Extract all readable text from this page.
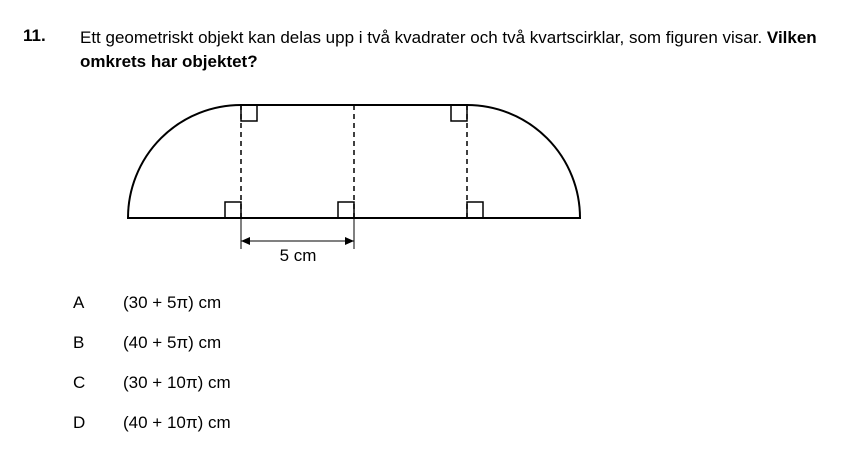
11. Ett geometriskt objekt kan delas upp i två kvadrater och två kvartscirklar, som figuren visar. Vilken omkrets har objektet?
5 cm
A (30 + 5π) cm
B (40 + 5π) cm
C (30 + 10π) cm
D (40 + 10π) cm
